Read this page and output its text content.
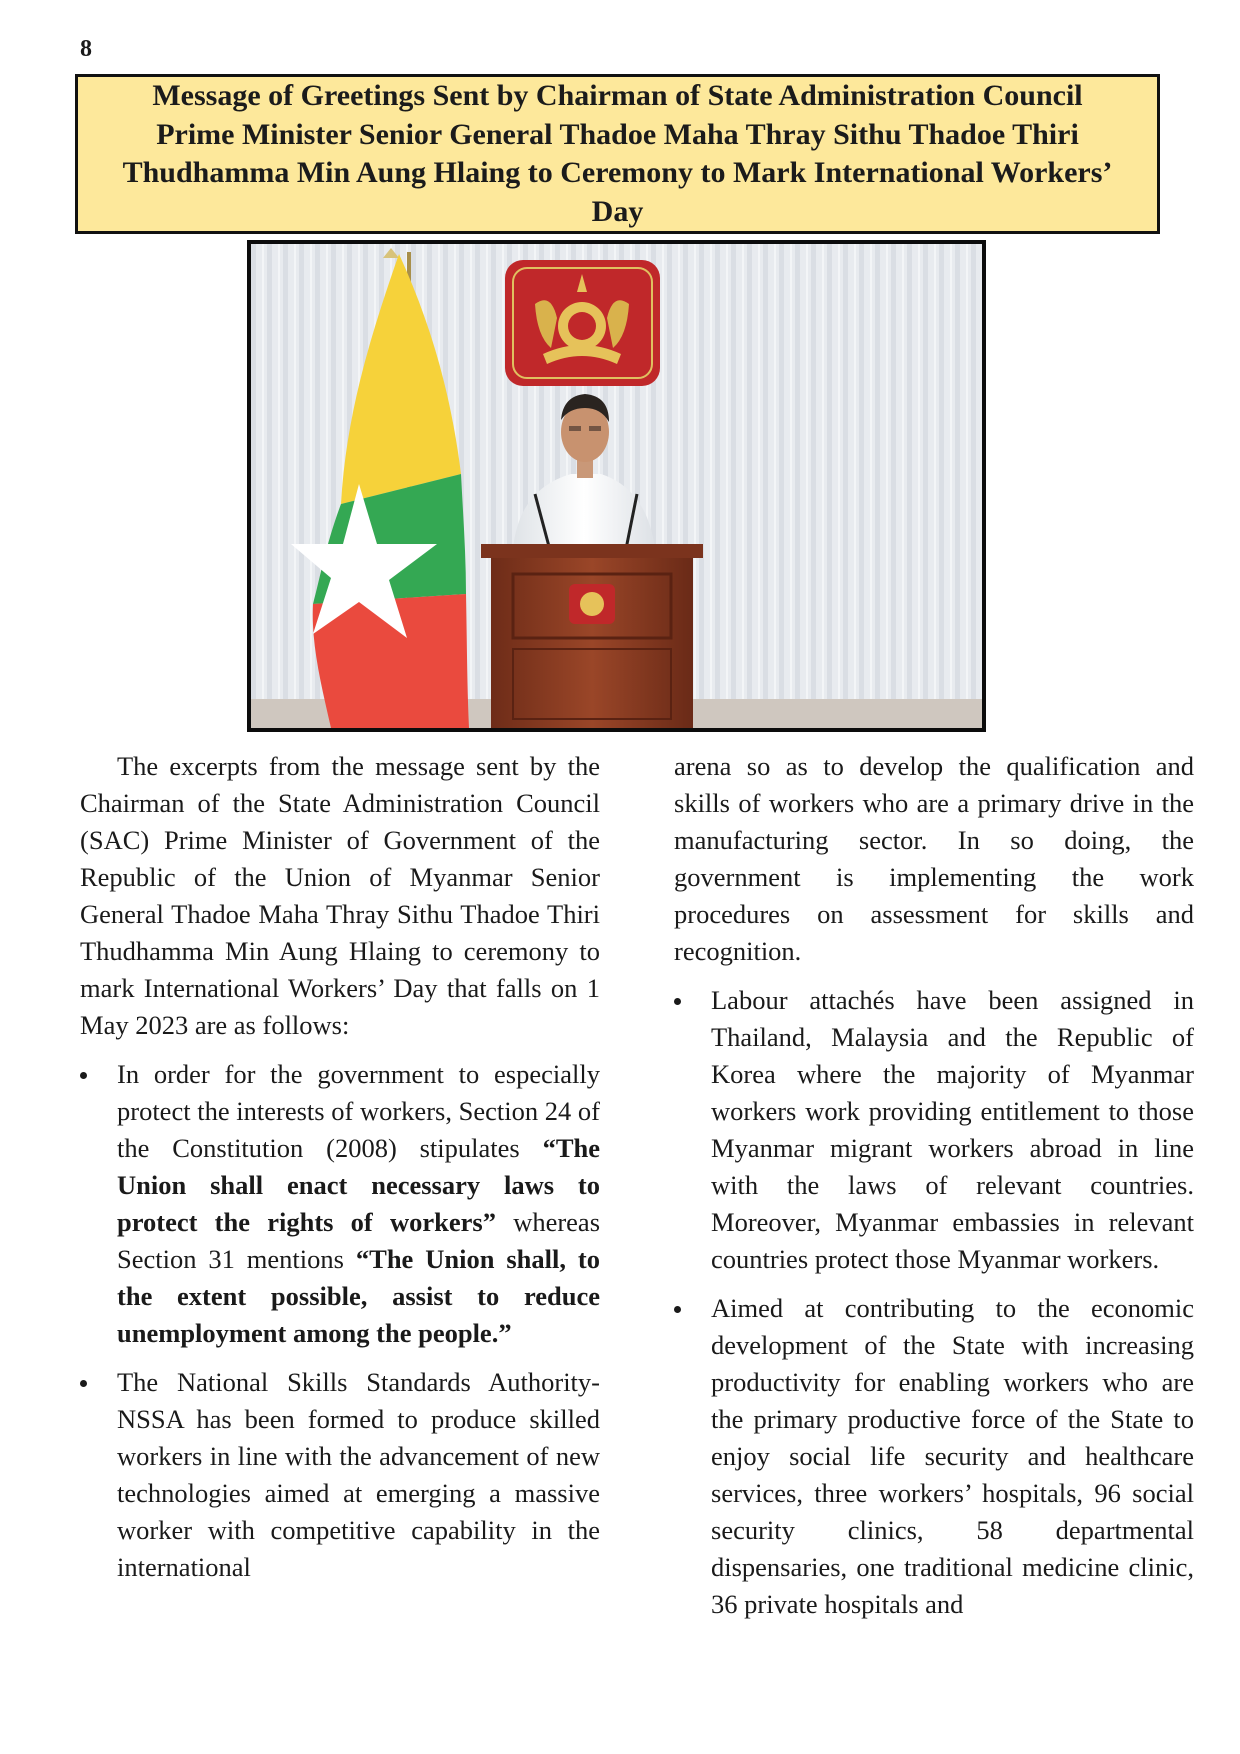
8
Message of Greetings Sent by Chairman of State Administration Council
Prime Minister Senior General Thadoe Maha Thray Sithu Thadoe Thiri
Thudhamma Min Aung Hlaing to Ceremony to Mark International Workers’
Day

The excerpts from the message sent by the Chairman of the State Administration Council (SAC) Prime Minister of Government of the Republic of the Union of Myanmar Senior General Thadoe Maha Thray Sithu Thadoe Thiri Thudhamma Min Aung Hlaing to ceremony to mark International Workers’ Day that falls on 1 May 2023 are as follows:

In order for the government to especially protect the interests of workers, Section 24 of the Constitution (2008) stipulates “The Union shall enact necessary laws to protect the rights of workers” whereas Section 31 mentions “The Union shall, to the extent possible, assist to reduce unemployment among the people.”
The National Skills Standards Authority-NSSA has been formed to produce skilled workers in line with the advancement of new technologies aimed at emerging a massive worker with competitive capability in the international

arena so as to develop the qualification and skills of workers who are a primary drive in the manufacturing sector. In so doing, the government is implementing the work procedures on assessment for skills and recognition.

Labour attachés have been assigned in Thailand, Malaysia and the Republic of Korea where the majority of Myanmar workers work providing entitlement to those Myanmar migrant workers abroad in line with the laws of relevant countries. Moreover, Myanmar embassies in relevant countries protect those Myanmar workers.
Aimed at contributing to the economic development of the State with increasing productivity for enabling workers who are the primary productive force of the State to enjoy social life security and healthcare services, three workers’ hospitals, 96 social security clinics, 58 departmental dispensaries, one traditional medicine clinic, 36 private hospitals and
